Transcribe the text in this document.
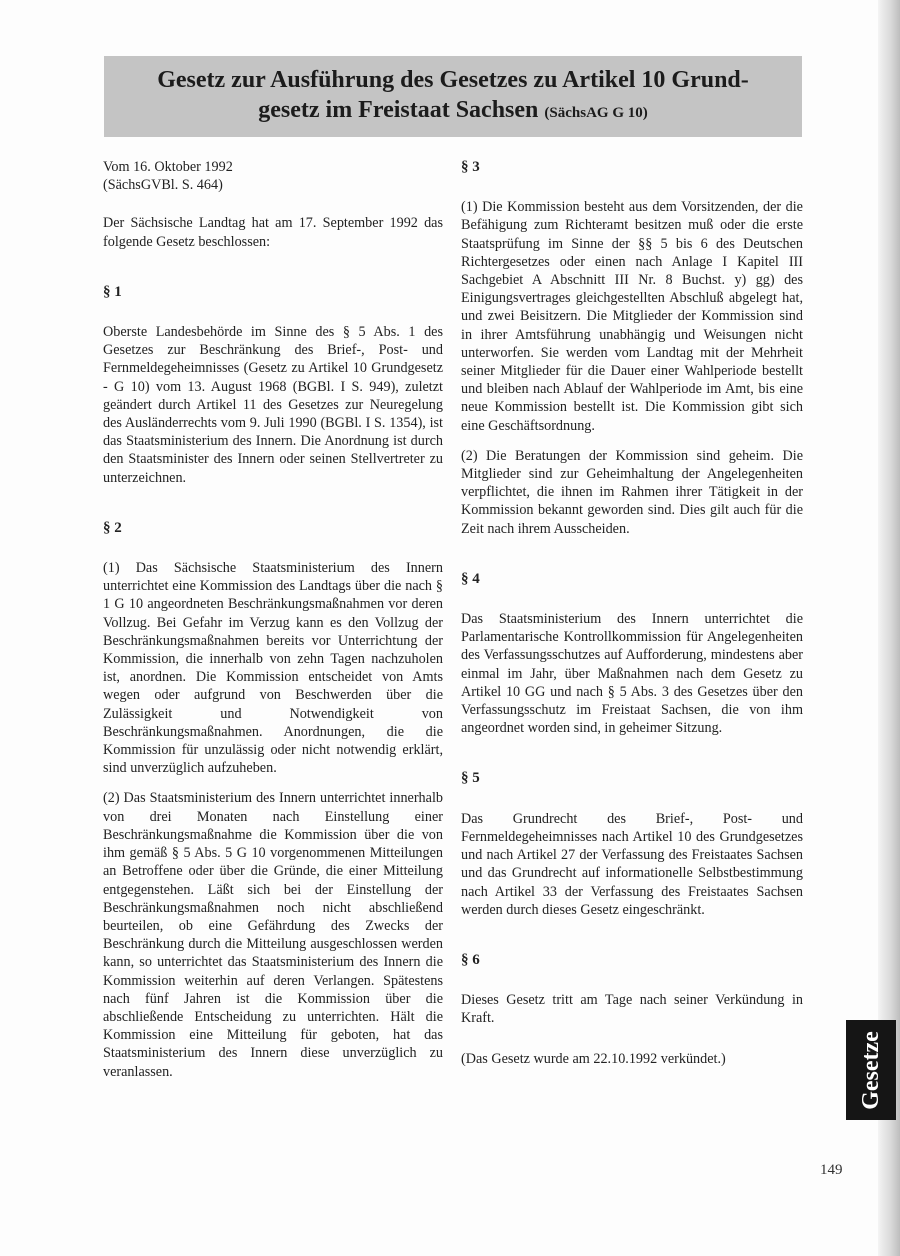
Gesetz zur Ausführung des Gesetzes zu Artikel 10 Grund-
gesetz im Freistaat Sachsen (SächsAG G 10)
Vom 16. Oktober 1992
(SächsGVBl. S. 464)

Der Sächsische Landtag hat am 17. September 1992 das folgende Gesetz beschlossen:

§ 1

Oberste Landesbehörde im Sinne des § 5 Abs. 1 des Gesetzes zur Beschränkung des Brief-, Post- und Fernmeldegeheimnisses (Gesetz zu Artikel 10 Grundgesetz - G 10) vom 13. August 1968 (BGBl. I S. 949), zuletzt geändert durch Artikel 11 des Gesetzes zur Neuregelung des Ausländerrechts vom 9. Juli 1990 (BGBl. I S. 1354), ist das Staatsministerium des Innern. Die Anordnung ist durch den Staatsminister des Innern oder seinen Stellvertreter zu unterzeichnen.

§ 2

(1) Das Sächsische Staatsministerium des Innern unterrichtet eine Kommission des Landtags über die nach § 1 G 10 angeordneten Beschränkungsmaßnahmen vor deren Vollzug. Bei Gefahr im Verzug kann es den Vollzug der Beschränkungsmaßnahmen bereits vor Unterrichtung der Kommission, die innerhalb von zehn Tagen nachzuholen ist, anordnen. Die Kommission entscheidet von Amts wegen oder aufgrund von Beschwerden über die Zulässigkeit und Notwendigkeit von Beschränkungsmaßnahmen. Anordnungen, die die Kommission für unzulässig oder nicht notwendig erklärt, sind unverzüglich aufzuheben.

(2) Das Staatsministerium des Innern unterrichtet innerhalb von drei Monaten nach Einstellung einer Beschränkungsmaßnahme die Kommission über die von ihm gemäß § 5 Abs. 5 G 10 vorgenommenen Mitteilungen an Betroffene oder über die Gründe, die einer Mitteilung entgegenstehen. Läßt sich bei der Einstellung der Beschränkungsmaßnahmen noch nicht abschließend beurteilen, ob eine Gefährdung des Zwecks der Beschränkung durch die Mitteilung ausgeschlossen werden kann, so unterrichtet das Staatsministerium des Innern die Kommission weiterhin auf deren Verlangen. Spätestens nach fünf Jahren ist die Kommission über die abschließende Entscheidung zu unterrichten. Hält die Kommission eine Mitteilung für geboten, hat das Staatsministerium des Innern diese unverzüglich zu veranlassen.

§ 3

(1) Die Kommission besteht aus dem Vorsitzenden, der die Befähigung zum Richteramt besitzen muß oder die erste Staatsprüfung im Sinne der §§ 5 bis 6 des Deutschen Richtergesetzes oder einen nach Anlage I Kapitel III Sachgebiet A Abschnitt III Nr. 8 Buchst. y) gg) des Einigungsvertrages gleichgestellten Abschluß abgelegt hat, und zwei Beisitzern. Die Mitglieder der Kommission sind in ihrer Amtsführung unabhängig und Weisungen nicht unterworfen. Sie werden vom Landtag mit der Mehrheit seiner Mitglieder für die Dauer einer Wahlperiode bestellt und bleiben nach Ablauf der Wahlperiode im Amt, bis eine neue Kommission bestellt ist. Die Kommission gibt sich eine Geschäftsordnung.

(2) Die Beratungen der Kommission sind geheim. Die Mitglieder sind zur Geheimhaltung der Angelegenheiten verpflichtet, die ihnen im Rahmen ihrer Tätigkeit in der Kommission bekannt geworden sind. Dies gilt auch für die Zeit nach ihrem Ausscheiden.

§ 4

Das Staatsministerium des Innern unterrichtet die Parlamentarische Kontrollkommission für Angelegenheiten des Verfassungsschutzes auf Aufforderung, mindestens aber einmal im Jahr, über Maßnahmen nach dem Gesetz zu Artikel 10 GG und nach § 5 Abs. 3 des Gesetzes über den Verfassungsschutz im Freistaat Sachsen, die von ihm angeordnet worden sind, in geheimer Sitzung.

§ 5

Das Grundrecht des Brief-, Post- und Fernmeldegeheimnisses nach Artikel 10 des Grundgesetzes und nach Artikel 27 der Verfassung des Freistaates Sachsen und das Grundrecht auf informationelle Selbstbestimmung nach Artikel 33 der Verfassung des Freistaates Sachsen werden durch dieses Gesetz eingeschränkt.

§ 6

Dieses Gesetz tritt am Tage nach seiner Verkündung in Kraft.

(Das Gesetz wurde am 22.10.1992 verkündet.)	Gesetze
149
